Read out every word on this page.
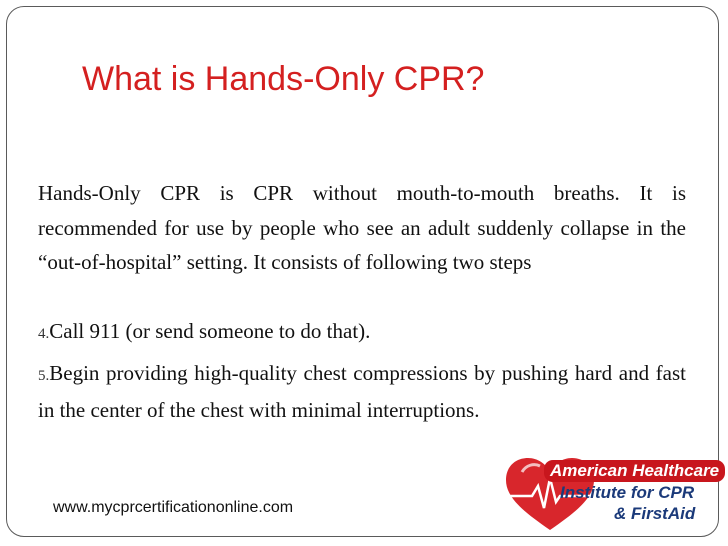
What is Hands-Only CPR?
Hands-Only CPR is CPR without mouth-to-mouth breaths. It is recommended for use by people who see an adult suddenly collapse in the “out-of-hospital” setting. It consists of following two steps
4.Call 911 (or send someone to do that).
5.Begin providing high-quality chest compressions by pushing hard and fast in the center of the chest with minimal interruptions.
www.mycprcertificationonline.com
American Healthcare
Institute for CPR
& FirstAid
